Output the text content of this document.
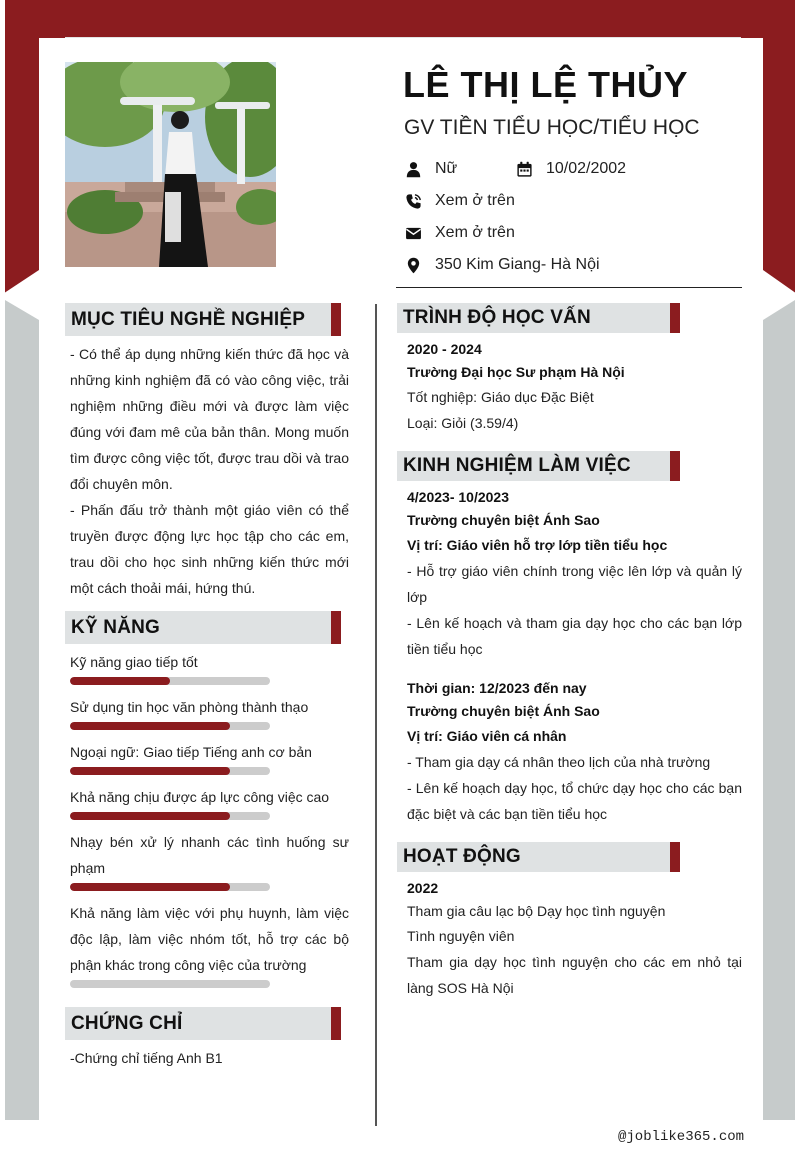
LÊ THỊ LỆ THỦY
GV TIỀN TIỂU HỌC/TIỂU HỌC
Nữ	10/02/2002
Xem ở trên
Xem ở trên
350 Kim Giang- Hà Nội
MỤC TIÊU NGHỀ NGHIỆP
- Có thể áp dụng những kiến thức đã học và những kinh nghiệm đã có vào công việc, trải nghiệm những điều mới và được làm việc đúng với đam mê của bản thân. Mong muốn tìm được công việc tốt, được trau dồi và trao đổi chuyên môn.
- Phấn đấu trở thành một giáo viên có thể truyền được động lực học tập cho các em, trau dồi cho học sinh những kiến thức mới một cách thoải mái, hứng thú.
KỸ NĂNG
Kỹ năng giao tiếp tốt
Sử dụng tin học văn phòng thành thạo
Ngoại ngữ: Giao tiếp Tiếng anh cơ bản
Khả năng chịu được áp lực công việc cao
Nhạy bén xử lý nhanh các tình huống sư phạm
Khả năng làm việc với phụ huynh, làm việc độc lập, làm việc nhóm tốt, hỗ trợ các bộ phận khác trong công việc của trường
CHỨNG CHỈ
-Chứng chỉ tiếng Anh B1
TRÌNH ĐỘ HỌC VẤN
2020 - 2024
Trường Đại học Sư phạm Hà Nội
Tốt nghiệp: Giáo dục Đặc Biệt
Loại: Giỏi (3.59/4)
KINH NGHIỆM LÀM VIỆC
4/2023- 10/2023
Trường chuyên biệt Ánh Sao
Vị trí: Giáo viên hỗ trợ lớp tiền tiểu học
- Hỗ trợ giáo viên chính trong việc lên lớp và quản lý lớp
- Lên kế hoạch và tham gia dạy học cho các bạn lớp tiền tiểu học
Thời gian: 12/2023 đến nay
Trường chuyên biệt Ánh Sao
Vị trí: Giáo viên cá nhân
- Tham gia dạy cá nhân theo lịch của nhà trường
- Lên kế hoạch dạy học, tổ chức dạy học cho các bạn đặc biệt và các bạn tiền tiểu học
HOẠT ĐỘNG
2022
Tham gia câu lạc bộ Dạy học tình nguyện
Tình nguyện viên
Tham gia dạy học tình nguyện cho các em nhỏ tại làng SOS Hà Nội
@joblike365.com
